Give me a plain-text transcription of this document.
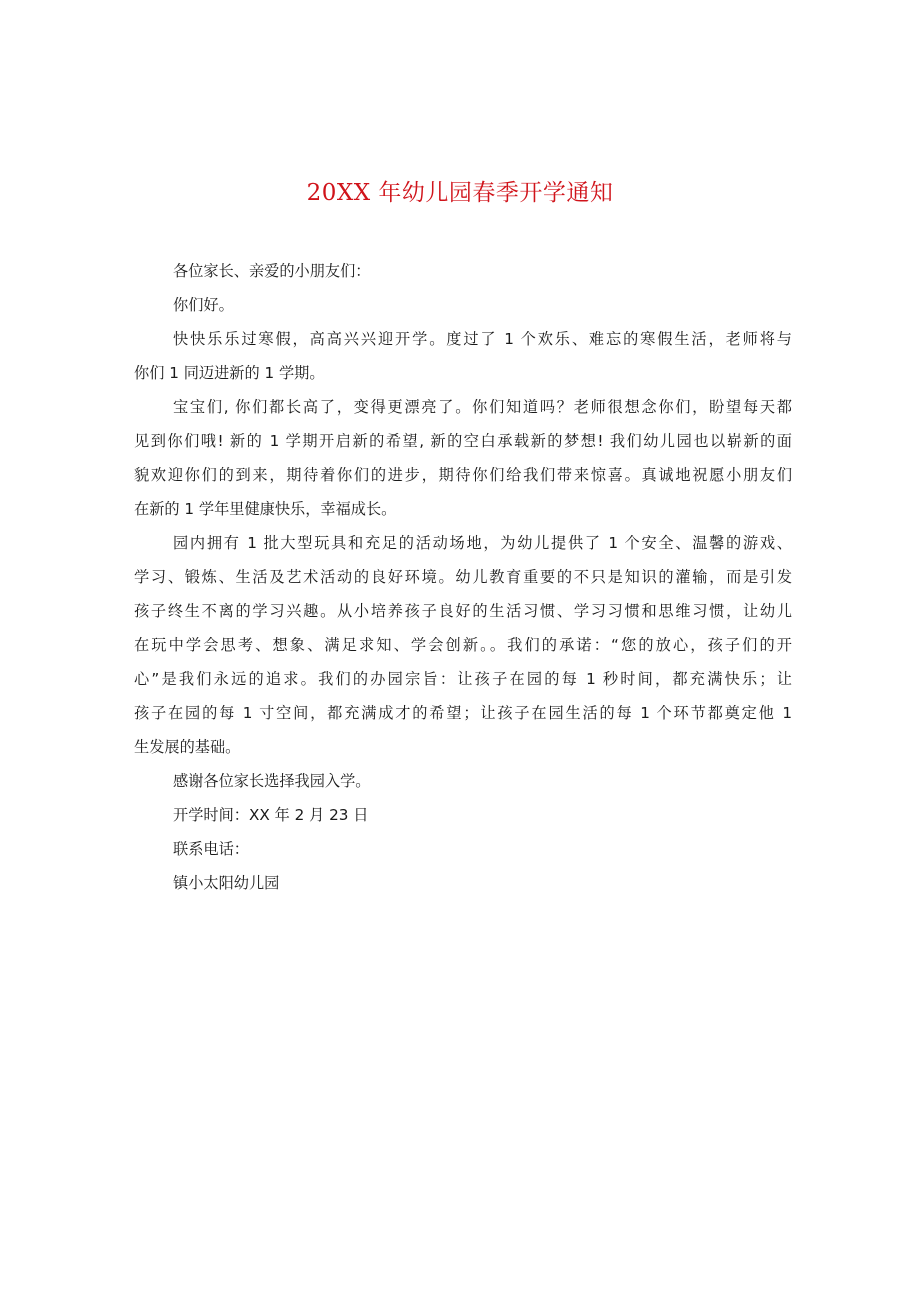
20XX 年幼儿园春季开学通知
各位家长、亲爱的小朋友们：
你们好。
快快乐乐过寒假，高高兴兴迎开学。度过了 1 个欢乐、难忘的寒假生活，老师将与
你们 1 同迈进新的 1 学期。
宝宝们, 你们都长高了，变得更漂亮了。你们知道吗？老师很想念你们，盼望每天都
见到你们哦! 新的 1 学期开启新的希望, 新的空白承载新的梦想! 我们幼儿园也以崭新的面
貌欢迎你们的到来，期待着你们的进步，期待你们给我们带来惊喜。真诚地祝愿小朋友们
在新的 1 学年里健康快乐，幸福成长。
园内拥有 1 批大型玩具和充足的活动场地，为幼儿提供了 1 个安全、温馨的游戏、
学习、锻炼、生活及艺术活动的良好环境。幼儿教育重要的不只是知识的灌输，而是引发
孩子终生不离的学习兴趣。从小培养孩子良好的生活习惯、学习习惯和思维习惯，让幼儿
在玩中学会思考、想象、满足求知、学会创新。。我们的承诺：“您的放心，孩子们的开
心”是我们永远的追求。我们的办园宗旨：让孩子在园的每 1 秒时间，都充满快乐；让
孩子在园的每 1 寸空间，都充满成才的希望；让孩子在园生活的每 1 个环节都奠定他 1
生发展的基础。
感谢各位家长选择我园入学。
开学时间：XX 年 2 月 23 日
联系电话：
镇小太阳幼儿园
